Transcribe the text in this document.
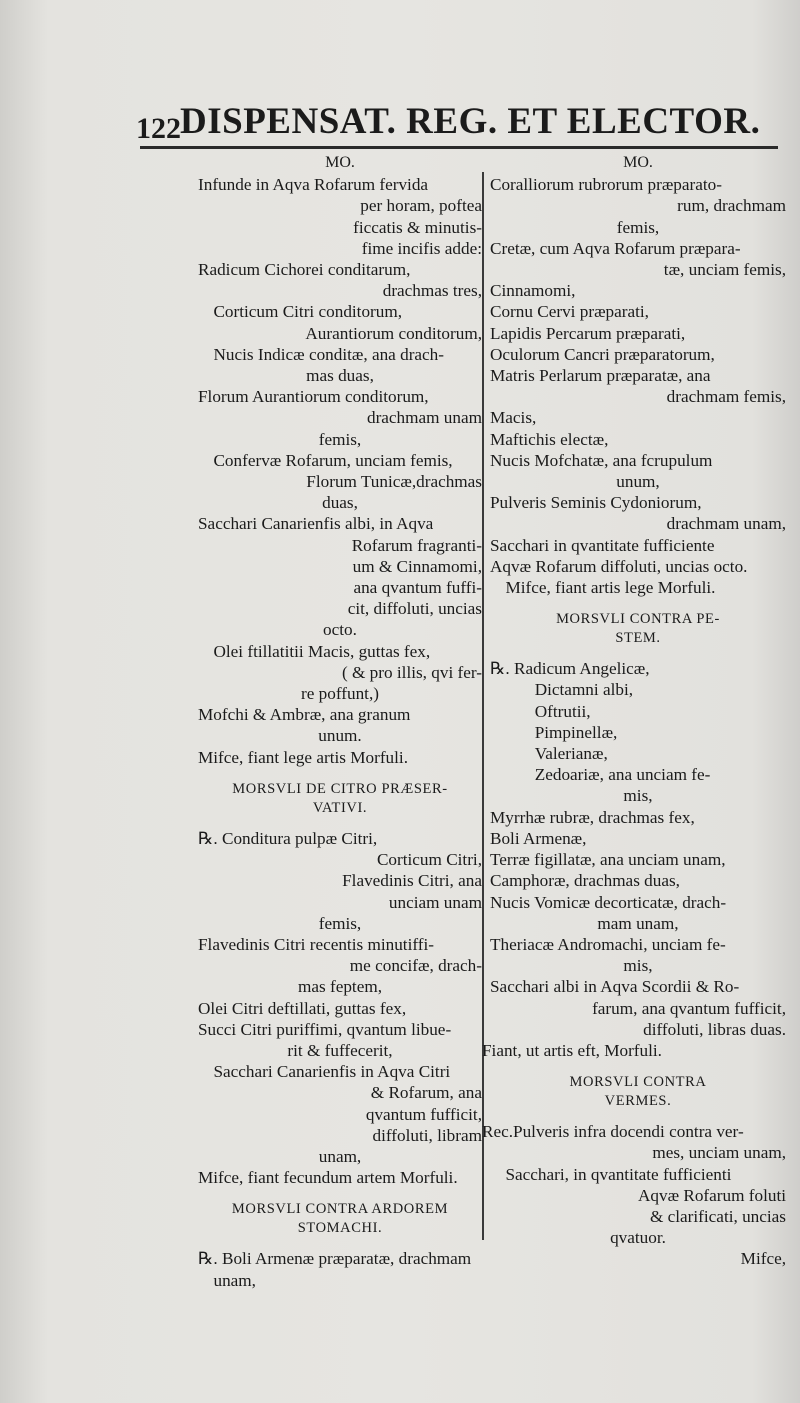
122 DISPENSAT. REG. ET ELECTOR.
MO.
Infunde in Aqva Rofarum fervida
per horam, poftea
ficcatis & minutis-
fime incifis adde:
Radicum Cichorei conditarum,
drachmas tres,
Corticum Citri conditorum,
Aurantiorum conditorum,
Nucis Indicæ conditæ, ana drach-
mas duas,
Florum Aurantiorum conditorum,
drachmam unam
femis,
Confervæ Rofarum, unciam femis,
Florum Tunicæ,drachmas
duas,
Sacchari Canarienfis albi, in Aqva
Rofarum fragranti-
um & Cinnamomi,
ana qvantum fuffi-
cit, diffoluti, uncias
octo.
Olei ftillatitii Macis, guttas fex,
( & pro illis, qvi fer-
re poffunt,)
Mofchi & Ambræ, ana granum
unum.
Mifce, fiant lege artis Morfuli.
MORSVLI DE CITRO PRÆSER-
VATIVI.
℞. Conditura pulpæ Citri,
Corticum Citri,
Flavedinis Citri, ana
unciam unam
femis,
Flavedinis Citri recentis minutiffi-
me concifæ, drach-
mas feptem,
Olei Citri deftillati, guttas fex,
Succi Citri puriffimi, qvantum libue-
rit & fuffecerit,
Sacchari Canarienfis in Aqva Citri
& Rofarum, ana
qvantum fufficit,
diffoluti, libram
unam,
Mifce, fiant fecundum artem Morfuli.
MORSVLI CONTRA ARDOREM
STOMACHI.
℞. Boli Armenæ præparatæ, drachmam
unam,
MO.
Coralliorum rubrorum præparato-
rum, drachmam
femis,
Cretæ, cum Aqva Rofarum præpara-
tæ, unciam femis,
Cinnamomi,
Cornu Cervi præparati,
Lapidis Percarum præparati,
Oculorum Cancri præparatorum,
Matris Perlarum præparatæ, ana
drachmam femis,
Macis,
Maftichis electæ,
Nucis Mofchatæ, ana fcrupulum
unum,
Pulveris Seminis Cydoniorum,
drachmam unam,
Sacchari in qvantitate fufficiente
Aqvæ Rofarum diffoluti, uncias octo.
Mifce, fiant artis lege Morfuli.
MORSVLI CONTRA PE-
STEM.
℞. Radicum Angelicæ,
Dictamni albi,
Oftrutii,
Pimpinellæ,
Valerianæ,
Zedoariæ, ana unciam fe-
mis,
Myrrhæ rubræ, drachmas fex,
Boli Armenæ,
Terræ figillatæ, ana unciam unam,
Camphoræ, drachmas duas,
Nucis Vomicæ decorticatæ, drach-
mam unam,
Theriacæ Andromachi, unciam fe-
mis,
Sacchari albi in Aqva Scordii & Ro-
farum, ana qvantum fufficit,
diffoluti, libras duas.
Fiant, ut artis eft, Morfuli.
MORSVLI CONTRA
VERMES.
Rec.Pulveris infra docendi contra ver-
mes, unciam unam,
Sacchari, in qvantitate fufficienti
Aqvæ Rofarum foluti
& clarificati, uncias
qvatuor.
Mifce,
